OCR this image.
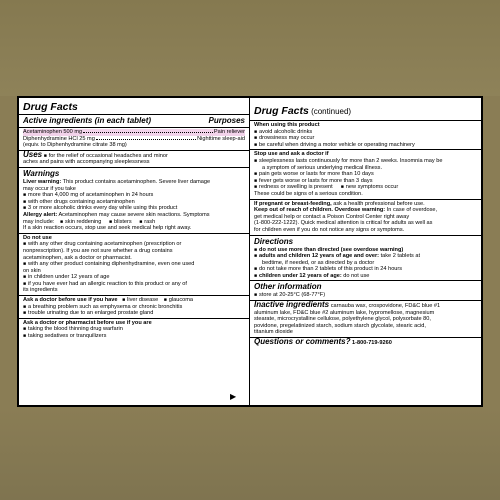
Drug Facts
Active ingredients (in each tablet)	Purposes
Acetaminophen 500 mg	Pain reliever
Diphenhydramine HCl 25 mg	Nighttime sleep-aid
(equiv. to Diphenhydramine citrate 38 mg)
Uses ■ for the relief of occasional headaches and minor
aches and pains with accompanying sleeplessness
Warnings
Liver warning: This product contains acetaminophen. Severe liver damage
may occur if you take
■ more than 4,000 mg of acetaminophen in 24 hours
■ with other drugs containing acetaminophen
■ 3 or more alcoholic drinks every day while using this product
Allergy alert: Acetaminophen may cause severe skin reactions. Symptoms
may include: ■ skin reddening ■ blisters ■ rash
If a skin reaction occurs, stop use and seek medical help right away.
Do not use
■ with any other drug containing acetaminophen (prescription or
nonprescription). If you are not sure whether a drug contains
acetaminophen, ask a doctor or pharmacist.
■ with any other product containing diphenhydramine, even one used
on skin
■ in children under 12 years of age
■ if you have ever had an allergic reaction to this product or any of
its ingredients
Ask a doctor before use if you have ■ liver disease ■ glaucoma
■ a breathing problem such as emphysema or chronic bronchitis
■ trouble urinating due to an enlarged prostate gland
Ask a doctor or pharmacist before use if you are
■ taking the blood thinning drug warfarin
■ taking sedatives or tranquilizers
▶
Drug Facts (continued)
When using this product
■ avoid alcoholic drinks
■ drowsiness may occur
■ be careful when driving a motor vehicle or operating machinery
Stop use and ask a doctor if
■ sleeplessness lasts continuously for more than 2 weeks. Insomnia may be
a symptom of serious underlying medical illness.
■ pain gets worse or lasts for more than 10 days
■ fever gets worse or lasts for more than 3 days
■ redness or swelling is present ■ new symptoms occur
These could be signs of a serious condition.
If pregnant or breast-feeding, ask a health professional before use.
Keep out of reach of children. Overdose warning: In case of overdose,
get medical help or contact a Poison Control Center right away
(1-800-222-1222). Quick medical attention is critical for adults as well as
for children even if you do not notice any signs or symptoms.
Directions
■ do not use more than directed (see overdose warning)
■ adults and children 12 years of age and over: take 2 tablets at
bedtime, if needed, or as directed by a doctor
■ do not take more than 2 tablets of this product in 24 hours
■ children under 12 years of age: do not use
Other information
■ store at 20-25°C (68-77°F)
Inactive ingredients carnauba wax, crospovidone, FD&C blue #1
aluminum lake, FD&C blue #2 aluminum lake, hypromellose, magnesium
stearate, microcrystalline cellulose, polyethylene glycol, polysorbate 80,
povidone, pregelatinized starch, sodium starch glycolate, stearic acid,
titanium dioxide
Questions or comments? 1-800-719-9260
